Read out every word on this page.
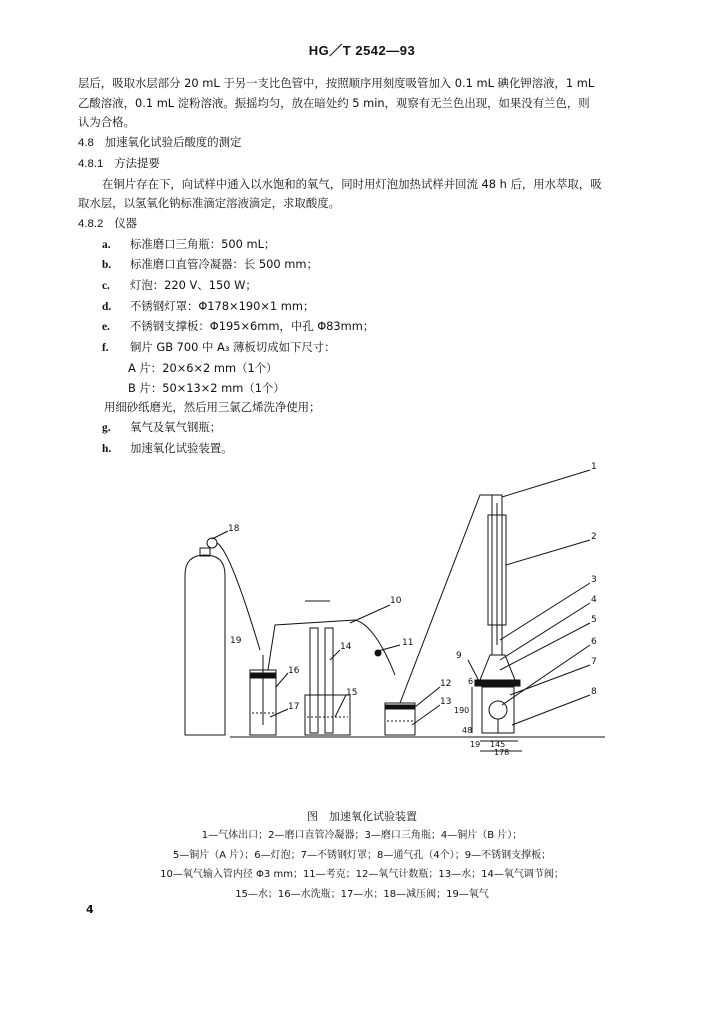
HG／T 2542—93
层后，吸取水层部分 20 mL 于另一支比色管中，按照顺序用刻度吸管加入 0.1 mL 碘化钾溶液，1 mL
乙酸溶液，0.1 mL 淀粉溶液。振摇均匀，放在暗处约 5 min，观察有无兰色出现，如果没有兰色，则
认为合格。
4.8 加速氧化试验后酸度的测定
4.8.1 方法提要
在铜片存在下，向试样中通入以水饱和的氧气，同时用灯泡加热试样并回流 48 h 后，用水萃取，吸
取水层，以氢氧化钠标准滴定溶液滴定，求取酸度。
4.8.2 仪器
a. 标准磨口三角瓶：500 mL；
b. 标准磨口直管冷凝器：长 500 mm；
c. 灯泡：220 V、150 W；
d. 不锈钢灯罩：Φ178×190×1 mm；
e. 不锈钢支撑板：Φ195×6mm，中孔 Φ83mm；
f. 铜片 GB 700 中 A₃ 薄板切成如下尺寸：
A 片：20×6×2 mm（1个）
B 片：50×13×2 mm（1个）
用细砂纸磨光，然后用三氯乙烯洗净使用；
g. 氧气及氧气钢瓶；
h. 加速氧化试验装置。
1
2
3
4
5
6
7
8
9
10
11
12
13
14
15
16
17
18
19
6
190
48
19 145
178
图　加速氧化试验装置
1—气体出口；2—磨口直管冷凝器；3—磨口三角瓶；4—铜片（B 片）；
5—铜片（A 片）；6—灯泡；7—不锈钢灯罩；8—通气孔（4个）；9—不锈钢支撑板；
10—氧气输入管内径 Φ3 mm；11—考克；12—氧气计数瓶；13—水；14—氧气调节阀；
15—水；16—水洗瓶；17—水；18—减压阀；19—氧气
4
